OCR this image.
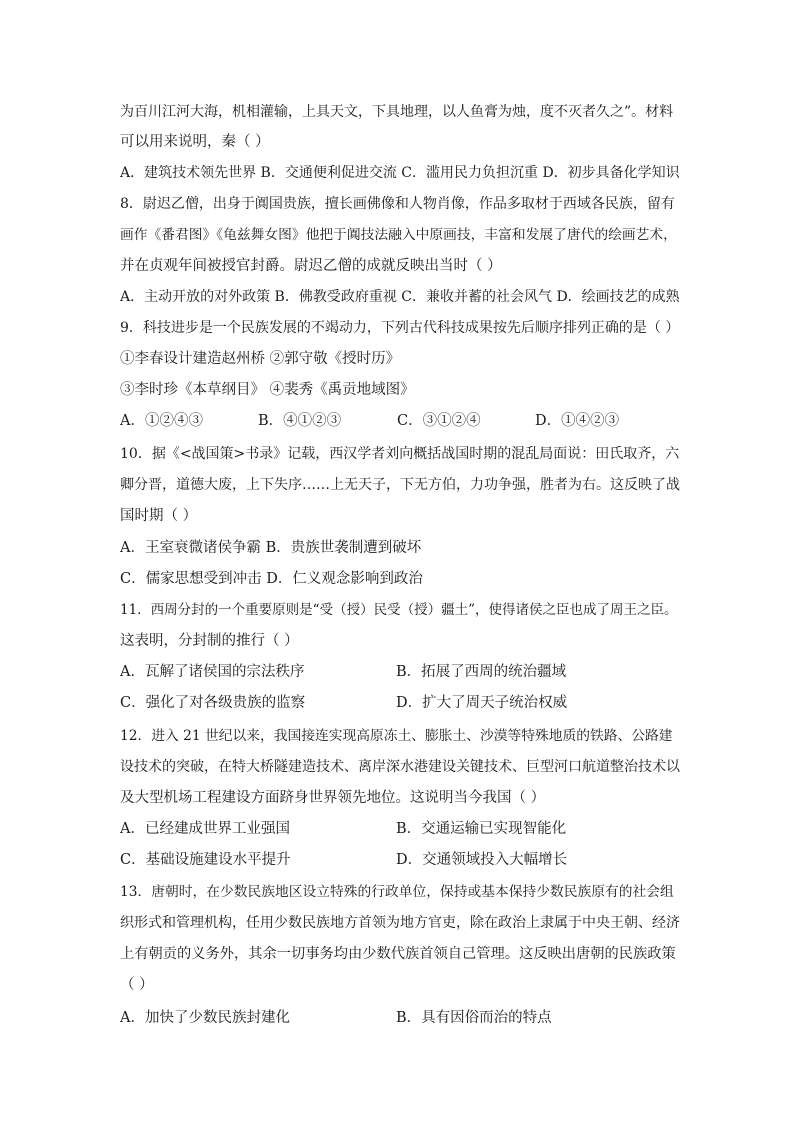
为百川江河大海，机相灌输，上具天文，下具地理，以人鱼膏为烛，度不灭者久之”。材料
可以用来说明，秦（ ）
A．建筑技术领先世界 B．交通便利促进交流 C．滥用民力负担沉重 D．初步具备化学知识
8．尉迟乙僧，出身于阗国贵族，擅长画佛像和人物肖像，作品多取材于西域各民族，留有
画作《番君图》《龟兹舞女图》他把于阗技法融入中原画技，丰富和发展了唐代的绘画艺术，
并在贞观年间被授官封爵。尉迟乙僧的成就反映出当时（ ）
A．主动开放的对外政策 B．佛教受政府重视 C．兼收并蓄的社会风气 D．绘画技艺的成熟
9．科技进步是一个民族发展的不竭动力，下列古代科技成果按先后顺序排列正确的是（ ）
①李春设计建造赵州桥 ②郭守敬《授时历》
③李时珍《本草纲目》 ④裴秀《禹贡地域图》
A．①②④③	B．④①②③	C．③①②④	D．①④②③
10．据《<战国策>书录》记载，西汉学者刘向概括战国时期的混乱局面说：田氏取齐，六
卿分晋，道德大废，上下失序……上无天子，下无方伯，力功争强，胜者为右。这反映了战
国时期（ ）
A．王室衰微诸侯争霸 B．贵族世袭制遭到破坏
C．儒家思想受到冲击 D．仁义观念影响到政治
11．西周分封的一个重要原则是“受（授）民受（授）疆土”，使得诸侯之臣也成了周王之臣。
这表明，分封制的推行（ ）
A．瓦解了诸侯国的宗法秩序	B．拓展了西周的统治疆域
C．强化了对各级贵族的监察	D．扩大了周天子统治权威
12．进入 21 世纪以来，我国接连实现高原冻土、膨胀土、沙漠等特殊地质的铁路、公路建
设技术的突破，在特大桥隧建造技术、离岸深水港建设关键技术、巨型河口航道整治技术以
及大型机场工程建设方面跻身世界领先地位。这说明当今我国（ ）
A．已经建成世界工业强国	B．交通运输已实现智能化
C．基础设施建设水平提升	D．交通领域投入大幅增长
13．唐朝时，在少数民族地区设立特殊的行政单位，保持或基本保持少数民族原有的社会组
织形式和管理机构，任用少数民族地方首领为地方官吏，除在政治上隶属于中央王朝、经济
上有朝贡的义务外，其余一切事务均由少数代族首领自己管理。这反映出唐朝的民族政策
（ ）
A．加快了少数民族封建化	B．具有因俗而治的特点
